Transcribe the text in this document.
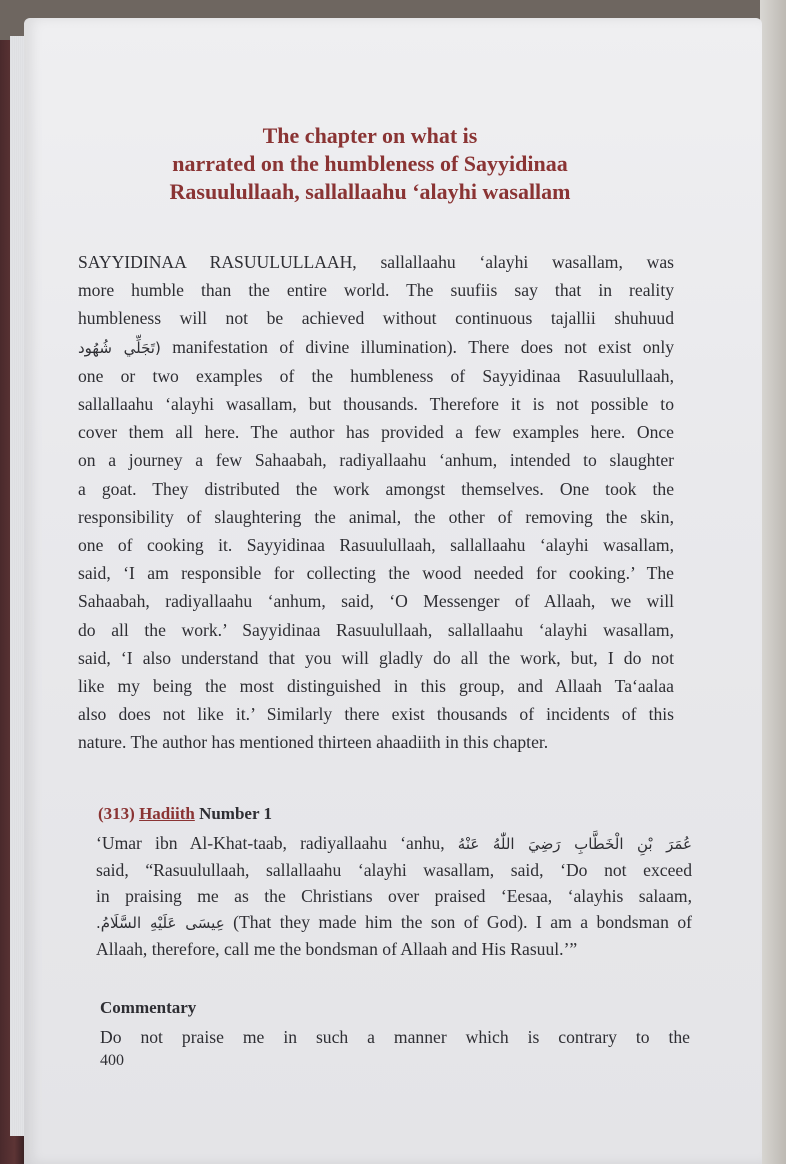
The chapter on what is
narrated on the humbleness of Sayyidinaa
Rasuulullaah, sallallaahu ‘alayhi wasallam
SAYYIDINAA RASUULULLAAH, sallallaahu ‘alayhi wasallam, was
more humble than the entire world. The suufiis say that in reality
humbleness will not be achieved without continuous tajallii shuhuud
(تَجَلِّي شُهُود manifestation of divine illumination). There does not exist only
one or two examples of the humbleness of Sayyidinaa Rasuulullaah,
sallallaahu ‘alayhi wasallam, but thousands. Therefore it is not possible to
cover them all here. The author has provided a few examples here. Once
on a journey a few Sahaabah, radiyallaahu ‘anhum, intended to slaughter
a goat. They distributed the work amongst themselves. One took the
responsibility of slaughtering the animal, the other of removing the skin,
one of cooking it. Sayyidinaa Rasuulullaah, sallallaahu ‘alayhi wasallam,
said, ‘I am responsible for collecting the wood needed for cooking.’ The
Sahaabah, radiyallaahu ‘anhum, said, ‘O Messenger of Allaah, we will
do all the work.’ Sayyidinaa Rasuulullaah, sallallaahu ‘alayhi wasallam,
said, ‘I also understand that you will gladly do all the work, but, I do not
like my being the most distinguished in this group, and Allaah Ta‘aalaa
also does not like it.’ Similarly there exist thousands of incidents of this
nature. The author has mentioned thirteen ahaadiith in this chapter.
(313) Hadiith Number 1
‘Umar ibn Al-Khat-taab, radiyallaahu ‘anhu, عُمَرَ بْنِ الْخَطَّابِ رَضِيَ اللّٰهُ عَنْهُ
said, “Rasuulullaah, sallallaahu ‘alayhi wasallam, said, ‘Do not exceed
in praising me as the Christians over praised ‘Eesaa, ‘alayhis salaam,
عِيسَى عَلَيْهِ السَّلَامُ. (That they made him the son of God). I am a bondsman of
Allaah, therefore, call me the bondsman of Allaah and His Rasuul.’”
Commentary
Do not praise me in such a manner which is contrary to the
400
